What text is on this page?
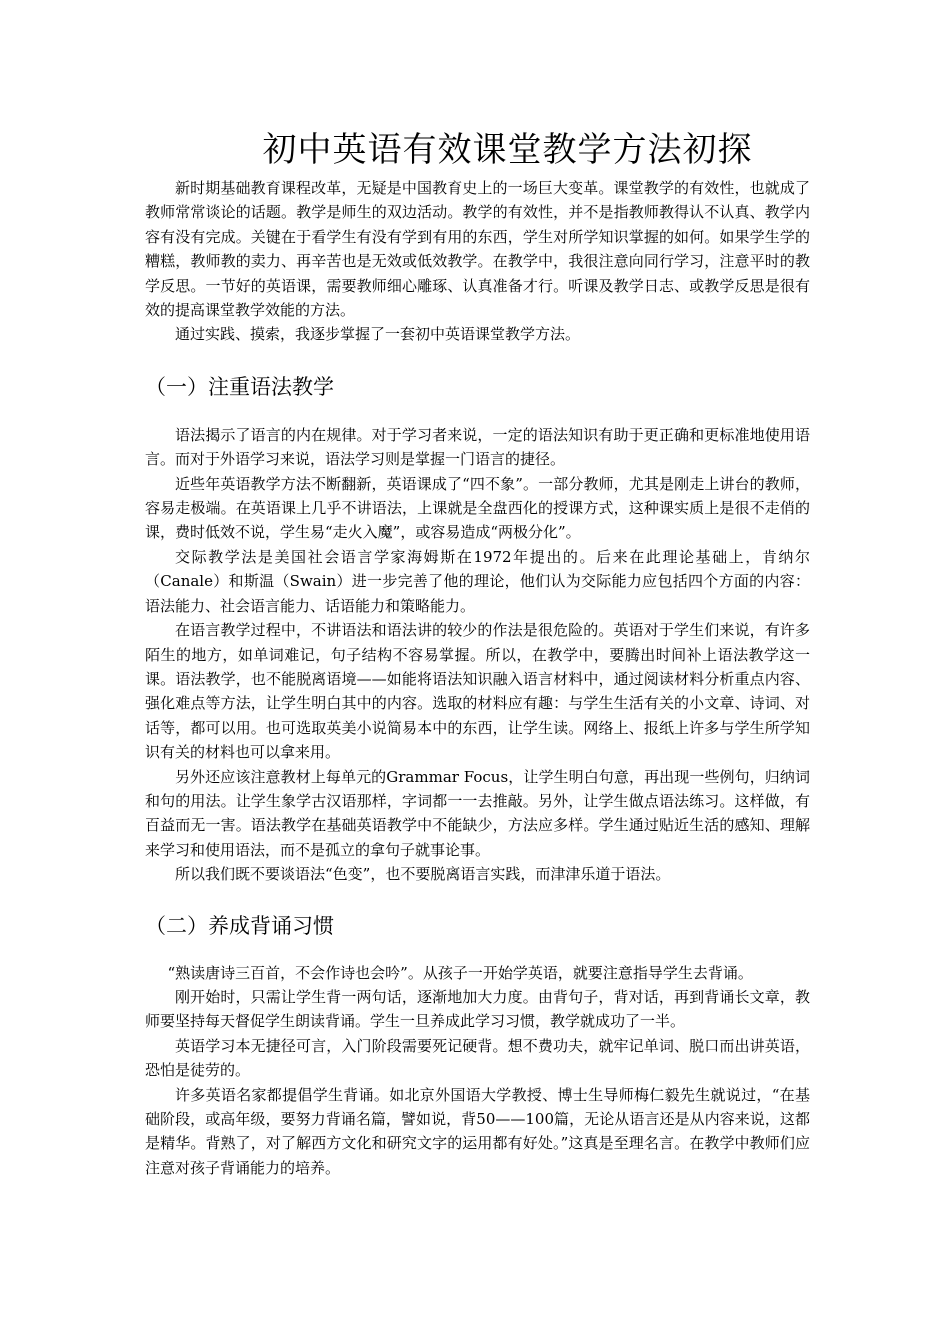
初中英语有效课堂教学方法初探

新时期基础教育课程改革，无疑是中国教育史上的一场巨大变革。课堂教学的有效性，也就成了教师常常谈论的话题。教学是师生的双边活动。教学的有效性，并不是指教师教得认不认真、教学内容有没有完成。关键在于看学生有没有学到有用的东西，学生对所学知识掌握的如何。如果学生学的糟糕，教师教的卖力、再辛苦也是无效或低效教学。在教学中，我很注意向同行学习，注意平时的教学反思。一节好的英语课，需要教师细心雕琢、认真准备才行。听课及教学日志、或教学反思是很有效的提高课堂教学效能的方法。

通过实践、摸索，我逐步掌握了一套初中英语课堂教学方法。

（一）注重语法教学

语法揭示了语言的内在规律。对于学习者来说，一定的语法知识有助于更正确和更标准地使用语言。而对于外语学习来说，语法学习则是掌握一门语言的捷径。

近些年英语教学方法不断翻新，英语课成了“四不象”。一部分教师，尤其是刚走上讲台的教师，容易走极端。在英语课上几乎不讲语法，上课就是全盘西化的授课方式，这种课实质上是很不走俏的课，费时低效不说，学生易“走火入魔”，或容易造成“两极分化”。

交际教学法是美国社会语言学家海姆斯在1972年提出的。后来在此理论基础上，肯纳尔（Canale）和斯温（Swain）进一步完善了他的理论，他们认为交际能力应包括四个方面的内容：语法能力、社会语言能力、话语能力和策略能力。

在语言教学过程中，不讲语法和语法讲的较少的作法是很危险的。英语对于学生们来说，有许多陌生的地方，如单词难记，句子结构不容易掌握。所以，在教学中，要腾出时间补上语法教学这一课。语法教学，也不能脱离语境——如能将语法知识融入语言材料中，通过阅读材料分析重点内容、强化难点等方法，让学生明白其中的内容。选取的材料应有趣：与学生生活有关的小文章、诗词、对话等，都可以用。也可选取英美小说简易本中的东西，让学生读。网络上、报纸上许多与学生所学知识有关的材料也可以拿来用。

另外还应该注意教材上每单元的Grammar Focus，让学生明白句意，再出现一些例句，归纳词和句的用法。让学生象学古汉语那样，字词都一一去推敲。另外，让学生做点语法练习。这样做，有百益而无一害。语法教学在基础英语教学中不能缺少，方法应多样。学生通过贴近生活的感知、理解来学习和使用语法，而不是孤立的拿句子就事论事。

所以我们既不要谈语法“色变”，也不要脱离语言实践，而津津乐道于语法。

（二）养成背诵习惯

“熟读唐诗三百首，不会作诗也会吟”。从孩子一开始学英语，就要注意指导学生去背诵。

刚开始时，只需让学生背一两句话，逐渐地加大力度。由背句子，背对话，再到背诵长文章，教师要坚持每天督促学生朗读背诵。学生一旦养成此学习习惯，教学就成功了一半。

英语学习本无捷径可言，入门阶段需要死记硬背。想不费功夫，就牢记单词、脱口而出讲英语，恐怕是徒劳的。

许多英语名家都提倡学生背诵。如北京外国语大学教授、博士生导师梅仁毅先生就说过，“在基础阶段，或高年级，要努力背诵名篇，譬如说，背50——100篇，无论从语言还是从内容来说，这都是精华。背熟了，对了解西方文化和研究文字的运用都有好处。”这真是至理名言。在教学中教师们应注意对孩子背诵能力的培养。
